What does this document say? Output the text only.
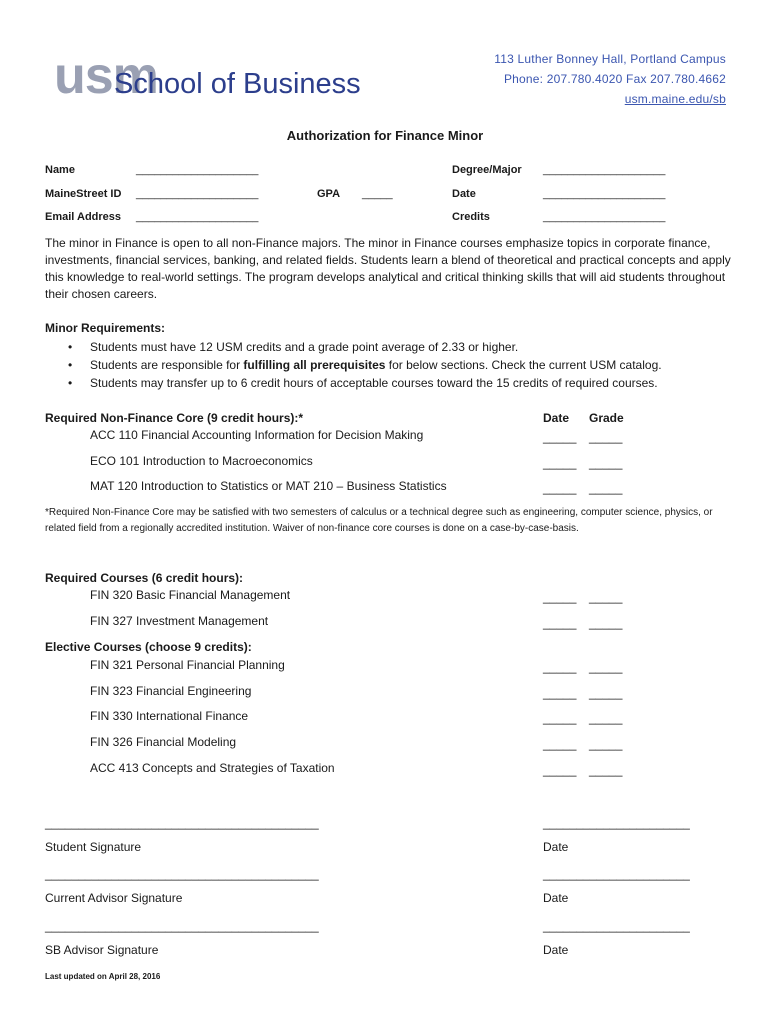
usm
School of Business
113 Luther Bonney Hall, Portland Campus
Phone: 207.780.4020 Fax 207.780.4662
usm.maine.edu/sb
Authorization for Finance Minor
Name	____________________	Degree/Major ____________________
MaineStreet ID ____________________	GPA _____	Date	____________________
Email Address ____________________	Credits	____________________
The minor in Finance is open to all non-Finance majors. The minor in Finance courses emphasize topics in corporate finance, investments, financial services, banking, and related fields. Students learn a blend of theoretical and practical concepts and apply this knowledge to real-world settings. The program develops analytical and critical thinking skills that will aid students throughout their chosen careers.
Minor Requirements:
• Students must have 12 USM credits and a grade point average of 2.33 or higher.
• Students are responsible for fulfilling all prerequisites for below sections. Check the current USM catalog.
• Students may transfer up to 6 credit hours of acceptable courses toward the 15 credits of required courses.
Required Non-Finance Core (9 credit hours):*	Date Grade
ACC 110 Financial Accounting Information for Decision Making	_____ _____
ECO 101 Introduction to Macroeconomics	_____ _____
MAT 120 Introduction to Statistics or MAT 210 – Business Statistics	_____ _____
*Required Non-Finance Core may be satisfied with two semesters of calculus or a technical degree such as engineering, computer science, physics, or related field from a regionally accredited institution. Waiver of non-finance core courses is done on a case-by-case-basis.
Required Courses (6 credit hours):
FIN 320 Basic Financial Management	_____ _____
FIN 327 Investment Management	_____ _____
Elective Courses (choose 9 credits):
FIN 321 Personal Financial Planning	_____ _____
FIN 323 Financial Engineering	_____ _____
FIN 330 International Finance	_____ _____
FIN 326 Financial Modeling	_____ _____
ACC 413 Concepts and Strategies of Taxation	_____ _____
_________________________________________	______________________
Student Signature	Date
_________________________________________	______________________
Current Advisor Signature	Date
_________________________________________	______________________
SB Advisor Signature	Date
Last updated on April 28, 2016
